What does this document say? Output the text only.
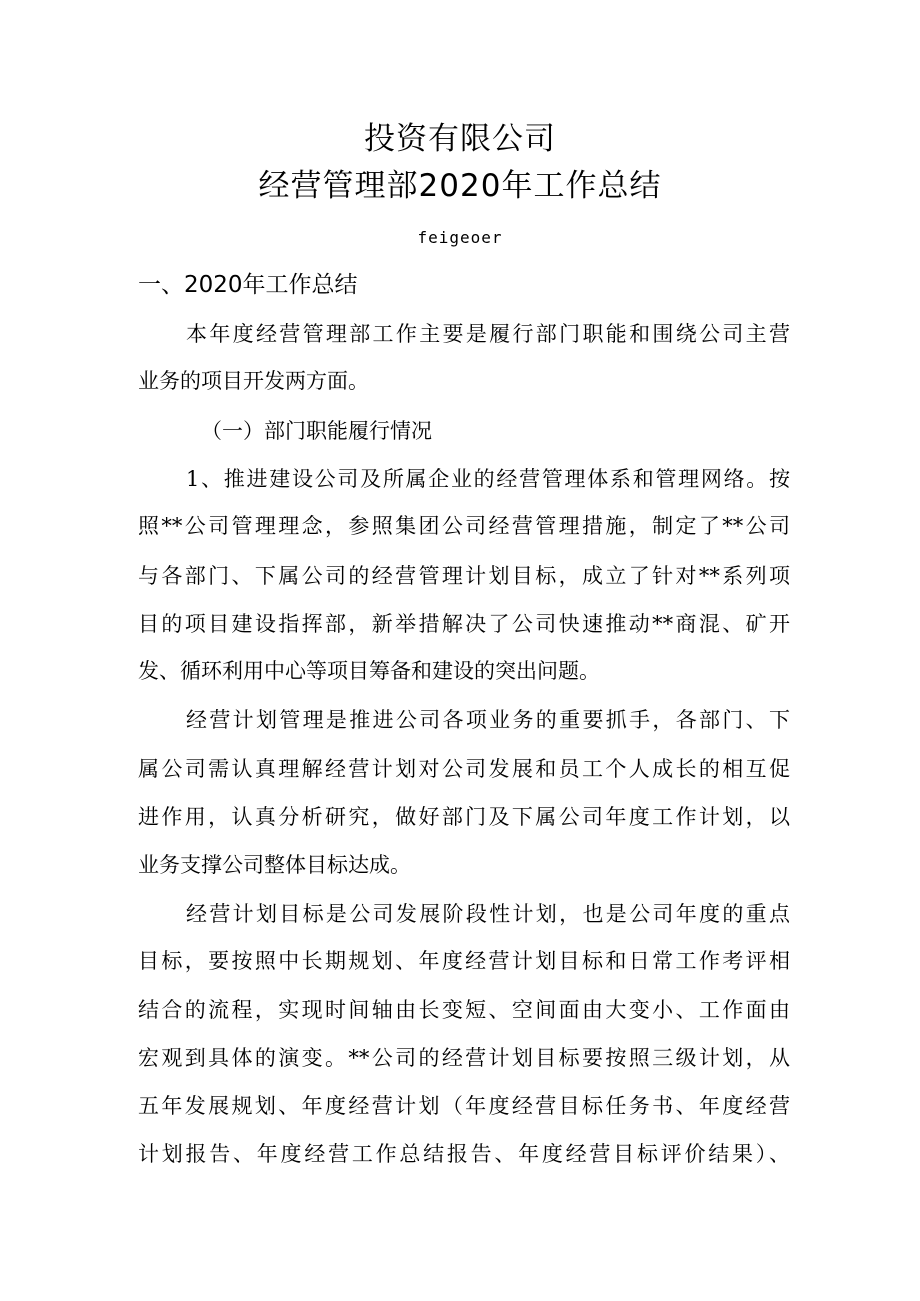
投资有限公司
经营管理部2020年工作总结
feigeoer
一、2020年工作总结
本年度经营管理部工作主要是履行部门职能和围绕公司主营
业务的项目开发两方面。
（一）部门职能履行情况
1、推进建设公司及所属企业的经营管理体系和管理网络。按
照**公司管理理念，参照集团公司经营管理措施，制定了**公司
与各部门、下属公司的经营管理计划目标，成立了针对**系列项
目的项目建设指挥部，新举措解决了公司快速推动**商混、矿开
发、循环利用中心等项目筹备和建设的突出问题。
经营计划管理是推进公司各项业务的重要抓手，各部门、下
属公司需认真理解经营计划对公司发展和员工个人成长的相互促
进作用，认真分析研究，做好部门及下属公司年度工作计划，以
业务支撑公司整体目标达成。
经营计划目标是公司发展阶段性计划，也是公司年度的重点
目标，要按照中长期规划、年度经营计划目标和日常工作考评相
结合的流程，实现时间轴由长变短、空间面由大变小、工作面由
宏观到具体的演变。**公司的经营计划目标要按照三级计划，从
五年发展规划、年度经营计划（年度经营目标任务书、年度经营
计划报告、年度经营工作总结报告、年度经营目标评价结果）、
